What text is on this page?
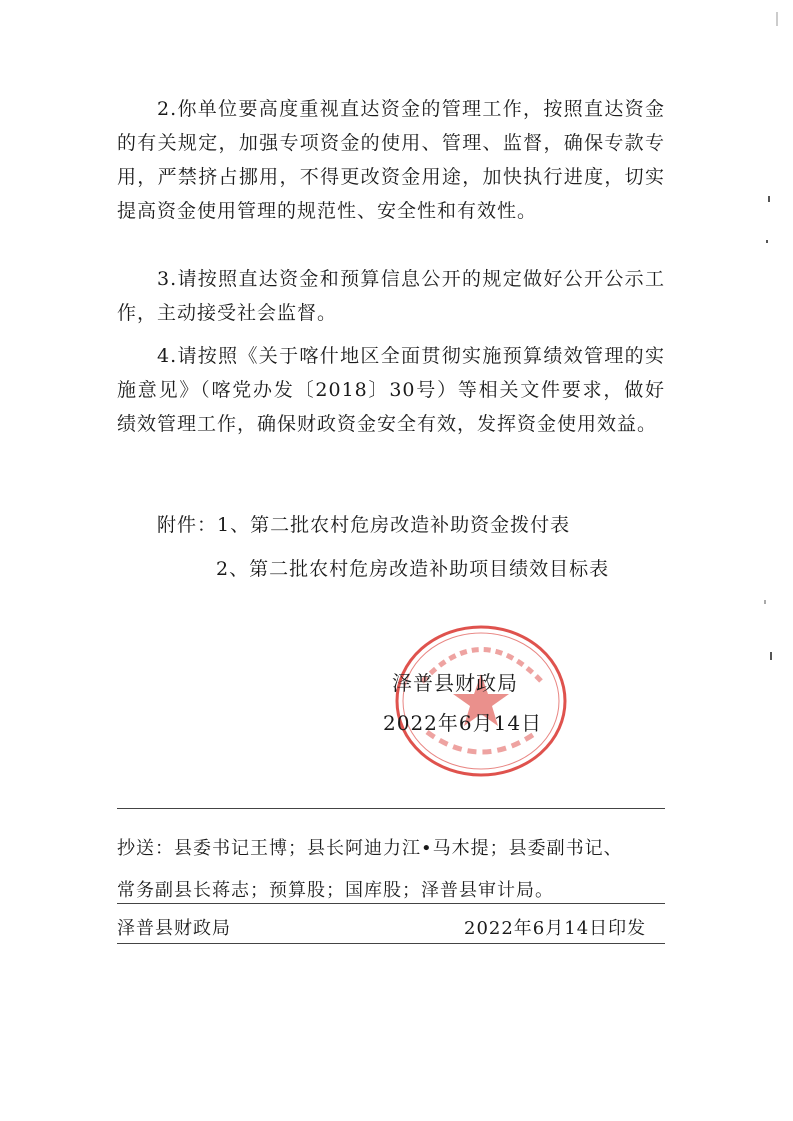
2.你单位要高度重视直达资金的管理工作，按照直达资金的有关规定，加强专项资金的使用、管理、监督，确保专款专用，严禁挤占挪用，不得更改资金用途，加快执行进度，切实提高资金使用管理的规范性、安全性和有效性。

3.请按照直达资金和预算信息公开的规定做好公开公示工作，主动接受社会监督。

4.请按照《关于喀什地区全面贯彻实施预算绩效管理的实施意见》（喀党办发〔2018〕30号）等相关文件要求，做好绩效管理工作，确保财政资金安全有效，发挥资金使用效益。

附件：1、第二批农村危房改造补助资金拨付表
2、第二批农村危房改造补助项目绩效目标表
泽普县财政局
2022年6月14日
抄送：县委书记王博；县长阿迪力江•马木提；县委副书记、
常务副县长蒋志；预算股；国库股；泽普县审计局。
泽普县财政局	2022年6月14日印发
